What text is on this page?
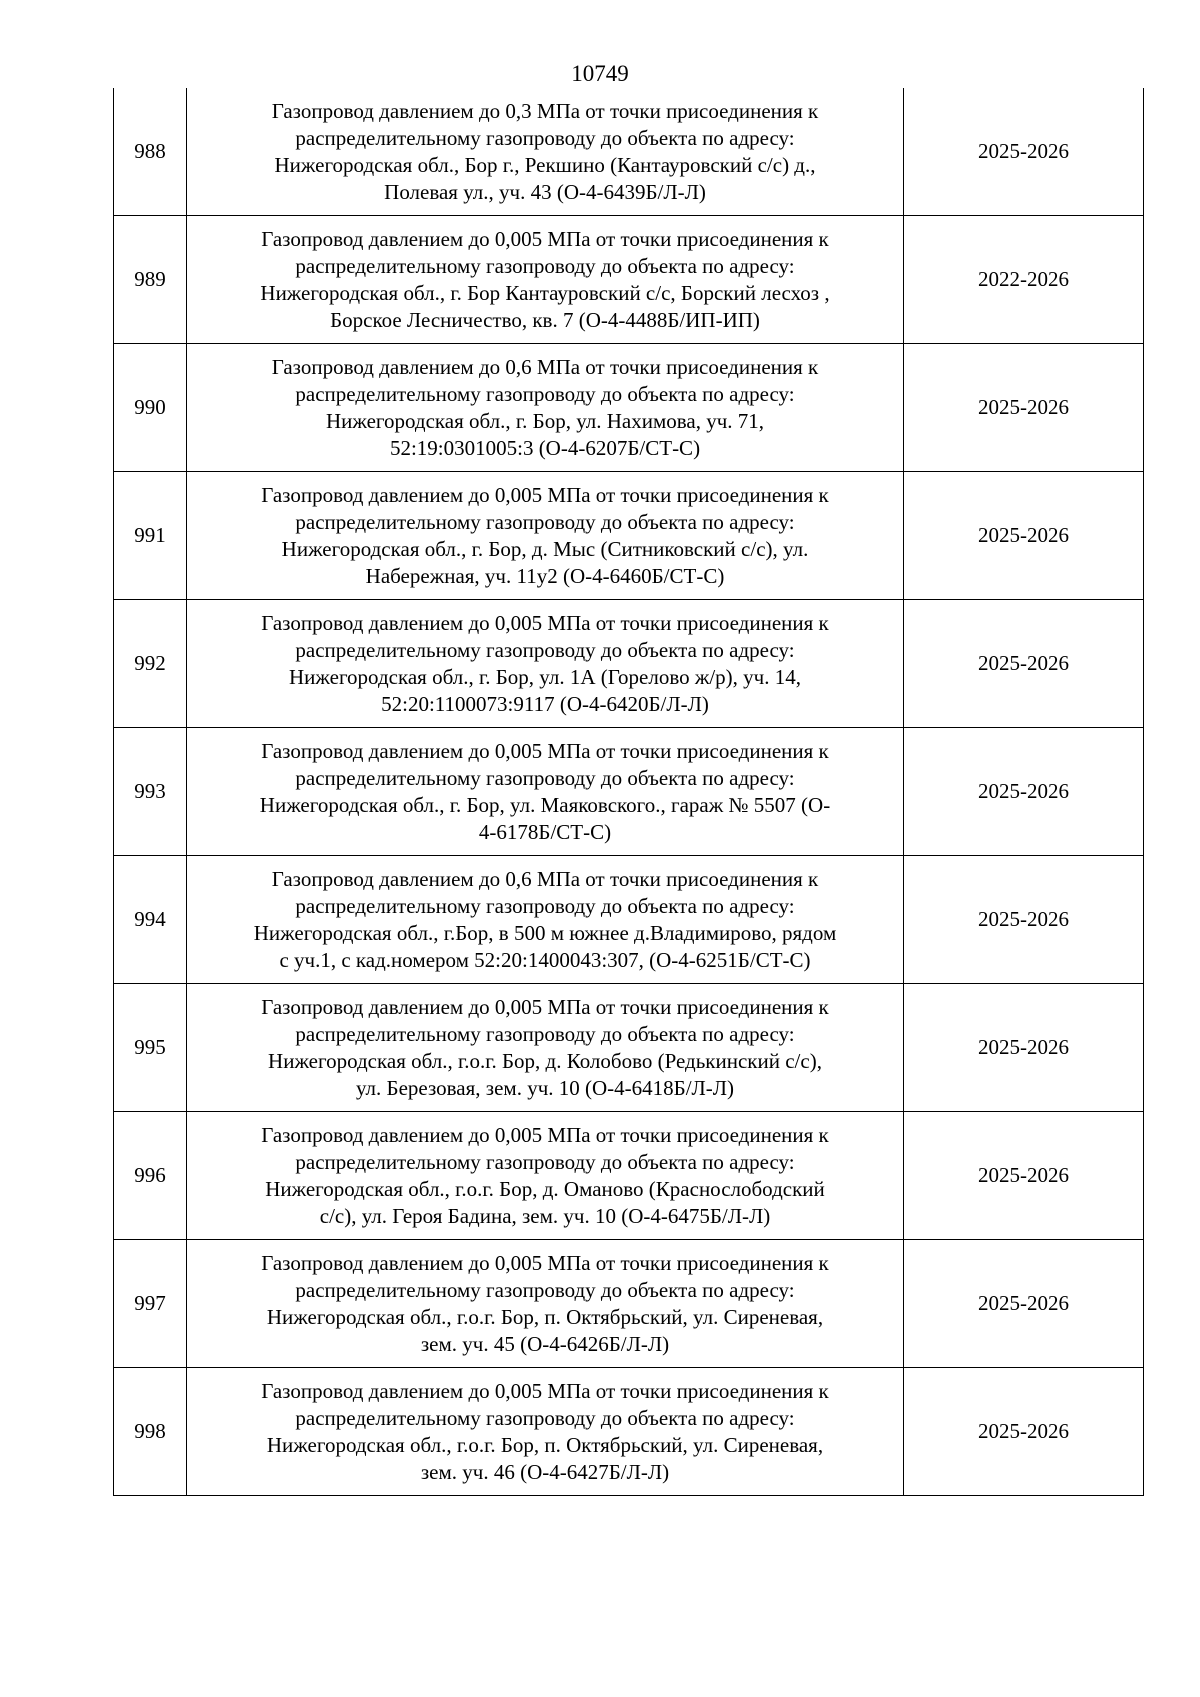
10749
988	Газопровод давлением до 0,3 МПа от точки присоединения к
распределительному газопроводу до объекта по адресу:
Нижегородская обл., Бор г., Рекшино (Кантауровский с/с) д.,
Полевая ул., уч. 43 (О-4-6439Б/Л-Л)	2025-2026
989	Газопровод давлением до 0,005 МПа от точки присоединения к
распределительному газопроводу до объекта по адресу:
Нижегородская обл., г. Бор Кантауровский с/с, Борский лесхоз ,
Борское Лесничество, кв. 7 (О-4-4488Б/ИП-ИП)	2022-2026
990	Газопровод давлением до 0,6 МПа от точки присоединения к
распределительному газопроводу до объекта по адресу:
Нижегородская обл., г. Бор, ул. Нахимова, уч. 71,
52:19:0301005:3 (О-4-6207Б/СТ-С)	2025-2026
991	Газопровод давлением до 0,005 МПа от точки присоединения к
распределительному газопроводу до объекта по адресу:
Нижегородская обл., г. Бор, д. Мыс (Ситниковский с/с), ул.
Набережная, уч. 11у2 (О-4-6460Б/СТ-С)	2025-2026
992	Газопровод давлением до 0,005 МПа от точки присоединения к
распределительному газопроводу до объекта по адресу:
Нижегородская обл., г. Бор, ул. 1А (Горелово ж/р), уч. 14,
52:20:1100073:9117 (О-4-6420Б/Л-Л)	2025-2026
993	Газопровод давлением до 0,005 МПа от точки присоединения к
распределительному газопроводу до объекта по адресу:
Нижегородская обл., г. Бор, ул. Маяковского., гараж № 5507 (О-
4-6178Б/СТ-С)	2025-2026
994	Газопровод давлением до 0,6 МПа от точки присоединения к
распределительному газопроводу до объекта по адресу:
Нижегородская обл., г.Бор, в 500 м южнее д.Владимирово, рядом
с уч.1, с кад.номером 52:20:1400043:307, (О-4-6251Б/СТ-С)	2025-2026
995	Газопровод давлением до 0,005 МПа от точки присоединения к
распределительному газопроводу до объекта по адресу:
Нижегородская обл., г.о.г. Бор, д. Колобово (Редькинский с/с),
ул. Березовая, зем. уч. 10 (О-4-6418Б/Л-Л)	2025-2026
996	Газопровод давлением до 0,005 МПа от точки присоединения к
распределительному газопроводу до объекта по адресу:
Нижегородская обл., г.о.г. Бор, д. Оманово (Краснослободский
с/с), ул. Героя Бадина, зем. уч. 10 (О-4-6475Б/Л-Л)	2025-2026
997	Газопровод давлением до 0,005 МПа от точки присоединения к
распределительному газопроводу до объекта по адресу:
Нижегородская обл., г.о.г. Бор, п. Октябрьский, ул. Сиреневая,
зем. уч. 45 (О-4-6426Б/Л-Л)	2025-2026
998	Газопровод давлением до 0,005 МПа от точки присоединения к
распределительному газопроводу до объекта по адресу:
Нижегородская обл., г.о.г. Бор, п. Октябрьский, ул. Сиреневая,
зем. уч. 46 (О-4-6427Б/Л-Л)	2025-2026
